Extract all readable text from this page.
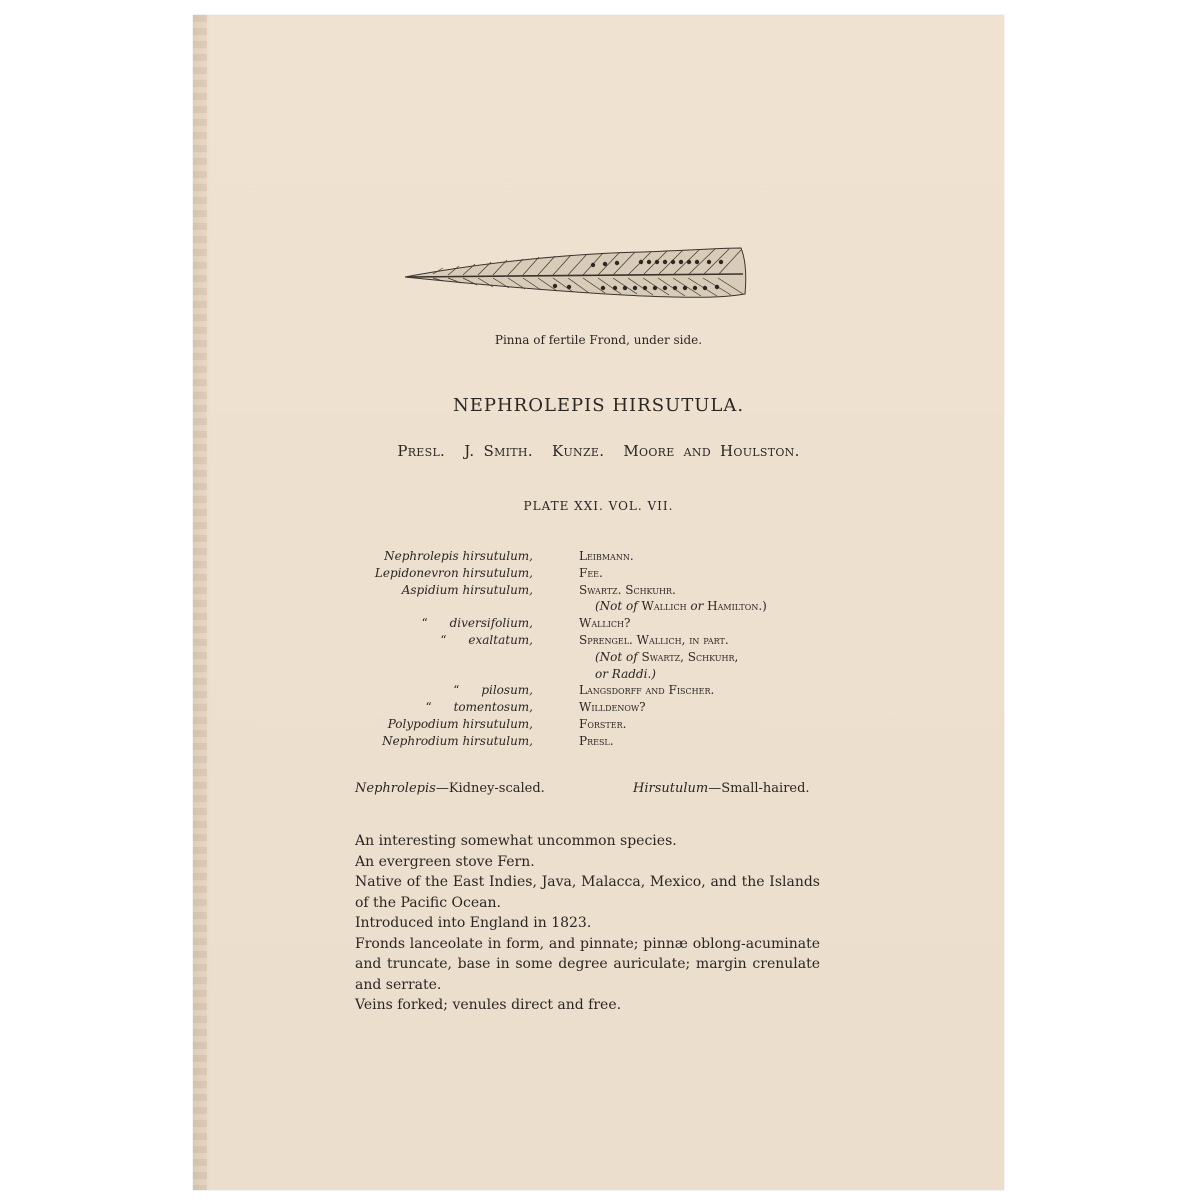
Pinna of fertile Frond, under side.
NEPHROLEPIS HIRSUTULA.
Presl. J. Smith. Kunze. Moore and Houlston.
PLATE XXI. VOL. VII.
Nephrolepis hirsutulum,
Lepidonevron hirsutulum,
Aspidium hirsutulum,
“ diversifolium,
“ exaltatum,
“ pilosum,
“ tomentosum,
Polypodium hirsutulum,
Nephrodium hirsutulum,
Leibmann.
Fee.
Swartz. Schkuhr.
(Not of Wallich or Hamilton.)
Wallich?
Sprengel. Wallich, in part.
(Not of Swartz, Schkuhr,
or Raddi.)
Langsdorff and Fischer.
Willdenow?
Forster.
Presl.
Nephrolepis—Kidney-scaled.	Hirsutulum—Small-haired.

An interesting somewhat uncommon species.

An evergreen stove Fern.

Native of the East Indies, Java, Malacca, Mexico, and the Islands of the Pacific Ocean.

Introduced into England in 1823.

Fronds lanceolate in form, and pinnate; pinnæ oblong-acuminate and truncate, base in some degree auriculate; margin crenulate and serrate.

Veins forked; venules direct and free.
